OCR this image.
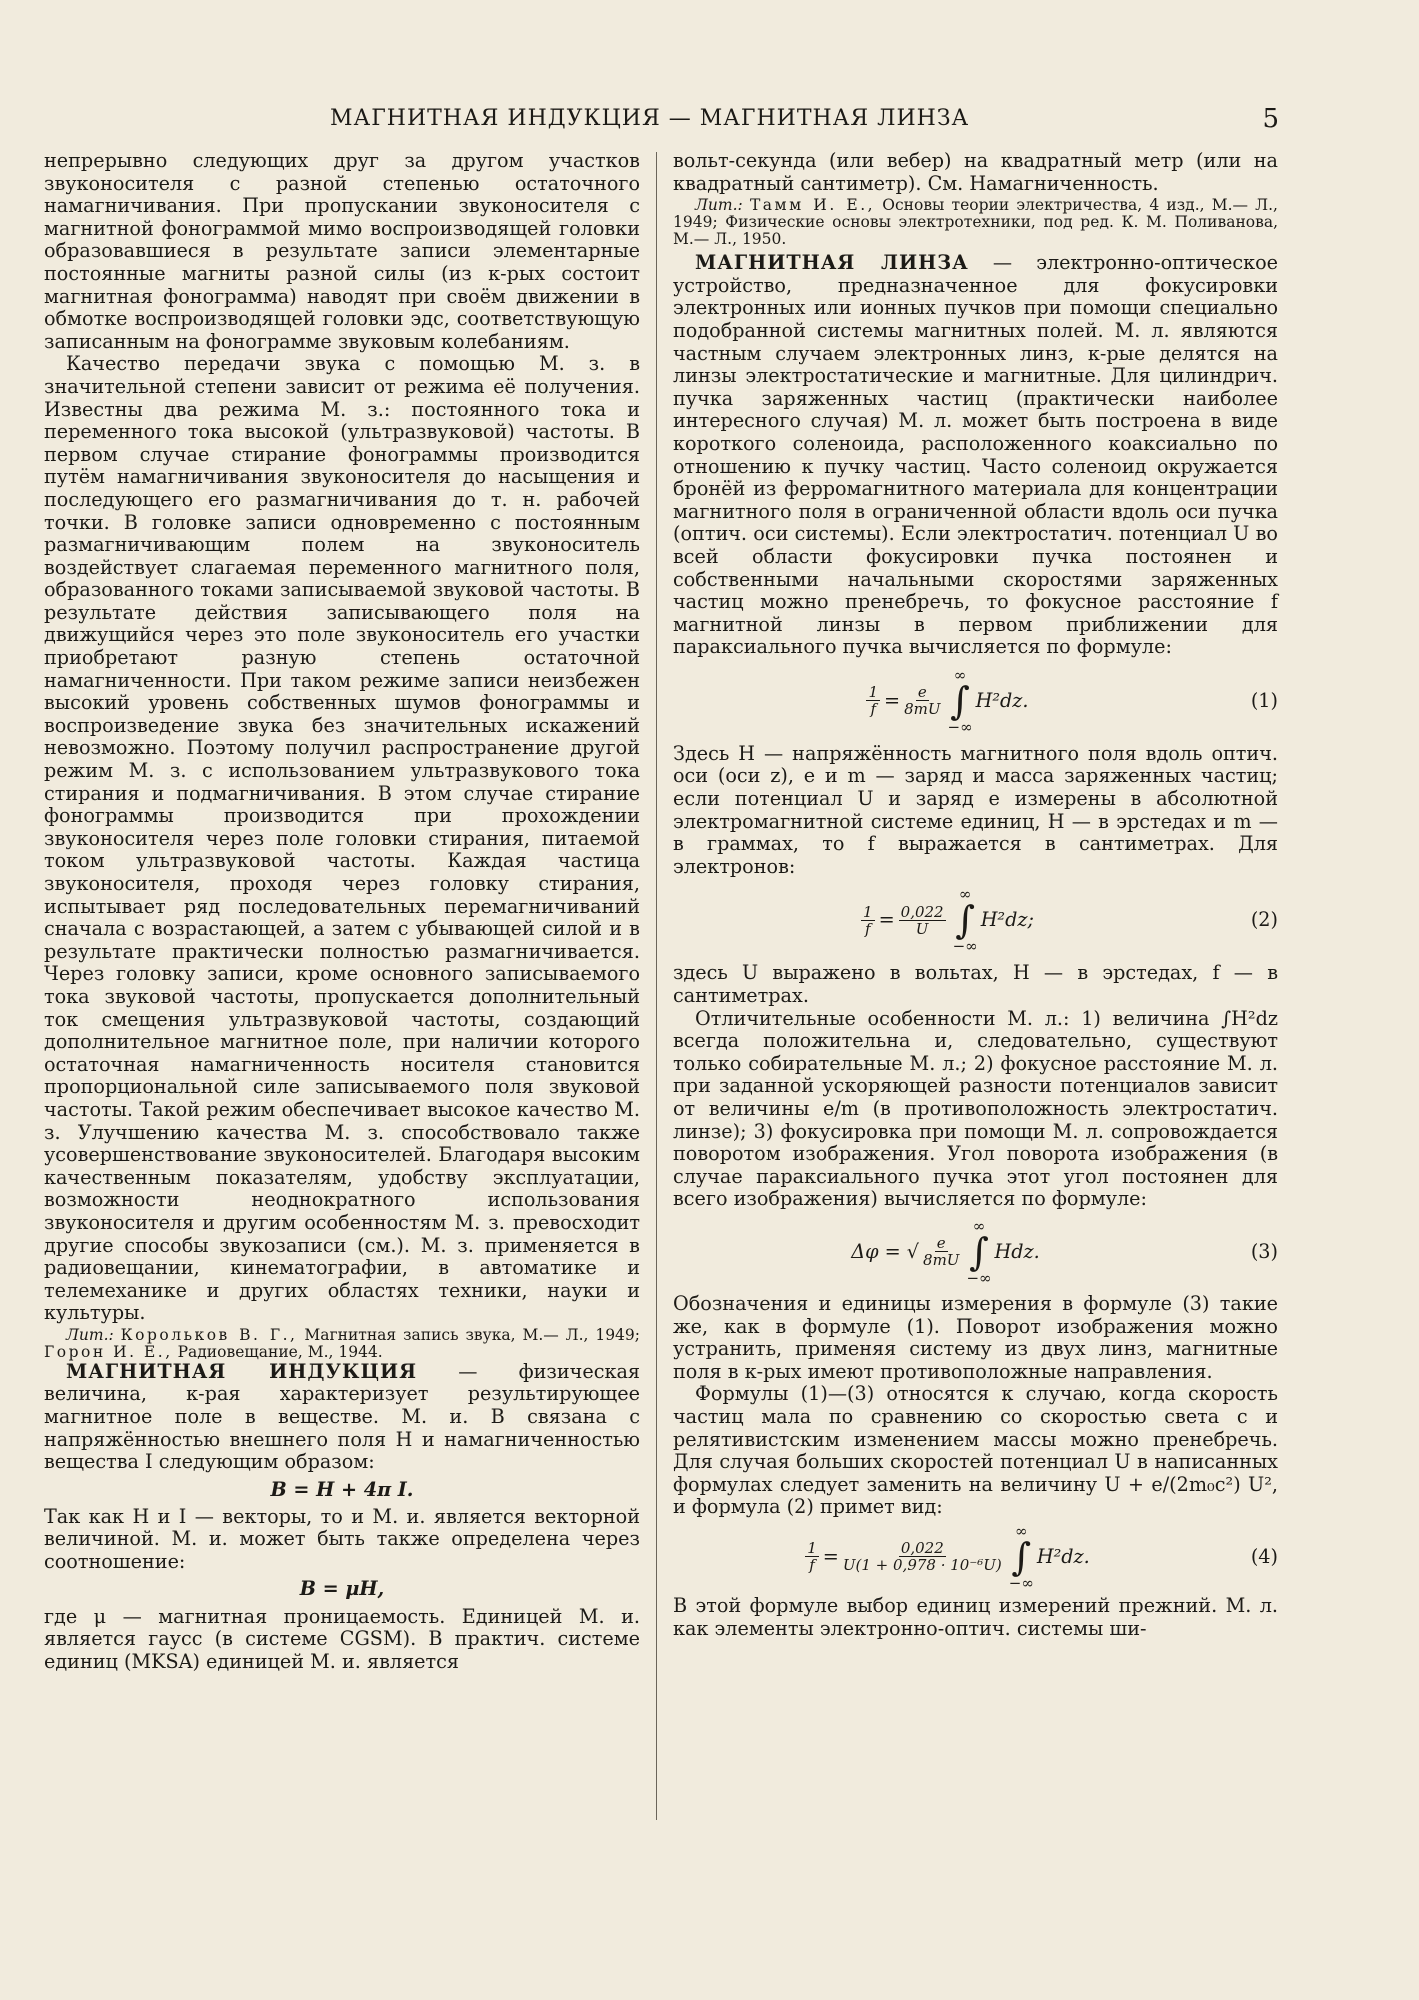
МАГНИТНАЯ ИНДУКЦИЯ — МАГНИТНАЯ ЛИНЗА	5

непрерывно следующих друг за другом участков звуконосителя с разной степенью остаточного намагничивания. При пропускании звуконосителя с магнитной фонограммой мимо воспроизводящей головки образовавшиеся в результате записи элементарные постоянные магниты разной силы (из к-рых состоит магнитная фонограмма) наводят при своём движении в обмотке воспроизводящей головки эдс, соответствующую записанным на фонограмме звуковым колебаниям.

Качество передачи звука с помощью М. з. в значительной степени зависит от режима её получения. Известны два режима М. з.: постоянного тока и переменного тока высокой (ультразвуковой) частоты. В первом случае стирание фонограммы производится путём намагничивания звуконосителя до насыщения и последующего его размагничивания до т. н. рабочей точки. В головке записи одновременно с постоянным размагничивающим полем на звуконоситель воздействует слагаемая переменного магнитного поля, образованного токами записываемой звуковой частоты. В результате действия записывающего поля на движущийся через это поле звуконоситель его участки приобретают разную степень остаточной намагниченности. При таком режиме записи неизбежен высокий уровень собственных шумов фонограммы и воспроизведение звука без значительных искажений невозможно. Поэтому получил распространение другой режим М. з. с использованием ультразвукового тока стирания и подмагничивания. В этом случае стирание фонограммы производится при прохождении звуконосителя через поле головки стирания, питаемой током ультразвуковой частоты. Каждая частица звуконосителя, проходя через головку стирания, испытывает ряд последовательных перемагничиваний сначала с возрастающей, а затем с убывающей силой и в результате практически полностью размагничивается. Через головку записи, кроме основного записываемого тока звуковой частоты, пропускается дополнительный ток смещения ультразвуковой частоты, создающий дополнительное магнитное поле, при наличии которого остаточная намагниченность носителя становится пропорциональной силе записываемого поля звуковой частоты. Такой режим обеспечивает высокое качество М. з. Улучшению качества М. з. способствовало также усовершенствование звуконосителей. Благодаря высоким качественным показателям, удобству эксплуатации, возможности неоднократного использования звуконосителя и другим особенностям М. з. превосходит другие способы звукозаписи (см.). М. з. применяется в радиовещании, кинематографии, в автоматике и телемеханике и других областях техники, науки и культуры.

Лит.: Корольков В. Г., Магнитная запись звука, М.— Л., 1949; Горон И. Е., Радиовещание, М., 1944.

МАГНИТНАЯ ИНДУКЦИЯ — физическая величина, к-рая характеризует результирующее магнитное поле в веществе. М. и. B связана с напряжённостью внешнего поля H и намагниченностью вещества I следующим образом:

B = H + 4π I.

Так как H и I — векторы, то и М. и. является векторной величиной. М. и. может быть также определена через соотношение:

B = μH,

где μ — магнитная проницаемость. Единицей М. и. является гаусс (в системе CGSM). В практич. системе единиц (MKSA) единицей М. и. является

вольт-секунда (или вебер) на квадратный метр (или на квадратный сантиметр). См. Намагниченность.

Лит.: Тамм И. Е., Основы теории электричества, 4 изд., М.— Л., 1949; Физические основы электротехники, под ред. К. М. Поливанова, М.— Л., 1950.

МАГНИТНАЯ ЛИНЗА — электронно-оптическое устройство, предназначенное для фокусировки электронных или ионных пучков при помощи специально подобранной системы магнитных полей. М. л. являются частным случаем электронных линз, к-рые делятся на линзы электростатические и магнитные. Для цилиндрич. пучка заряженных частиц (практически наиболее интересного случая) М. л. может быть построена в виде короткого соленоида, расположенного коаксиально по отношению к пучку частиц. Часто соленоид окружается бронёй из ферромагнитного материала для концентрации магнитного поля в ограниченной области вдоль оси пучка (оптич. оси системы). Если электростатич. потенциал U во всей области фокусировки пучка постоянен и собственными начальными скоростями заряженных частиц можно пренебречь, то фокусное расстояние f магнитной линзы в первом приближении для параксиального пучка вычисляется по формуле:

$\frac{1}{f} = \frac{e}{8mU}$
∞
∫
−∞
H²dz.	(1)

Здесь H — напряжённость магнитного поля вдоль оптич. оси (оси z), e и m — заряд и масса заряженных частиц; если потенциал U и заряд e измерены в абсолютной электромагнитной системе единиц, H — в эрстедах и m — в граммах, то f выражается в сантиметрах. Для электронов:

$\frac{1}{f} = \frac{0,022}{U}$
∞
∫
−∞
H²dz;	(2)

здесь U выражено в вольтах, H — в эрстедах, f — в сантиметрах.

Отличительные особенности М. л.: 1) величина ∫H²dz всегда положительна и, следовательно, существуют только собирательные М. л.; 2) фокусное расстояние М. л. при заданной ускоряющей разности потенциалов зависит от величины e/m (в противоположность электростатич. линзе); 3) фокусировка при помощи М. л. сопровождается поворотом изображения. Угол поворота изображения (в случае параксиального пучка этот угол постоянен для всего изображения) вычисляется по формуле:

Δφ = √ $\frac{e}{8mU}$
∞
∫
−∞
Hdz.	(3)

Обозначения и единицы измерения в формуле (3) такие же, как в формуле (1). Поворот изображения можно устранить, применяя систему из двух линз, магнитные поля в к-рых имеют противоположные направления.

Формулы (1)—(3) относятся к случаю, когда скорость частиц мала по сравнению со скоростью света c и релятивистским изменением массы можно пренебречь. Для случая больших скоростей потенциал U в написанных формулах следует заменить на величину U + e/(2m₀c²) U², и формула (2) примет вид:

$\frac{1}{f} = \frac{0,022}{\text{U(1 + 0,978 · 10⁻⁶U)}}$
∞
∫
−∞
H²dz.	(4)

В этой формуле выбор единиц измерений прежний. М. л. как элементы электронно-оптич. системы ши-
